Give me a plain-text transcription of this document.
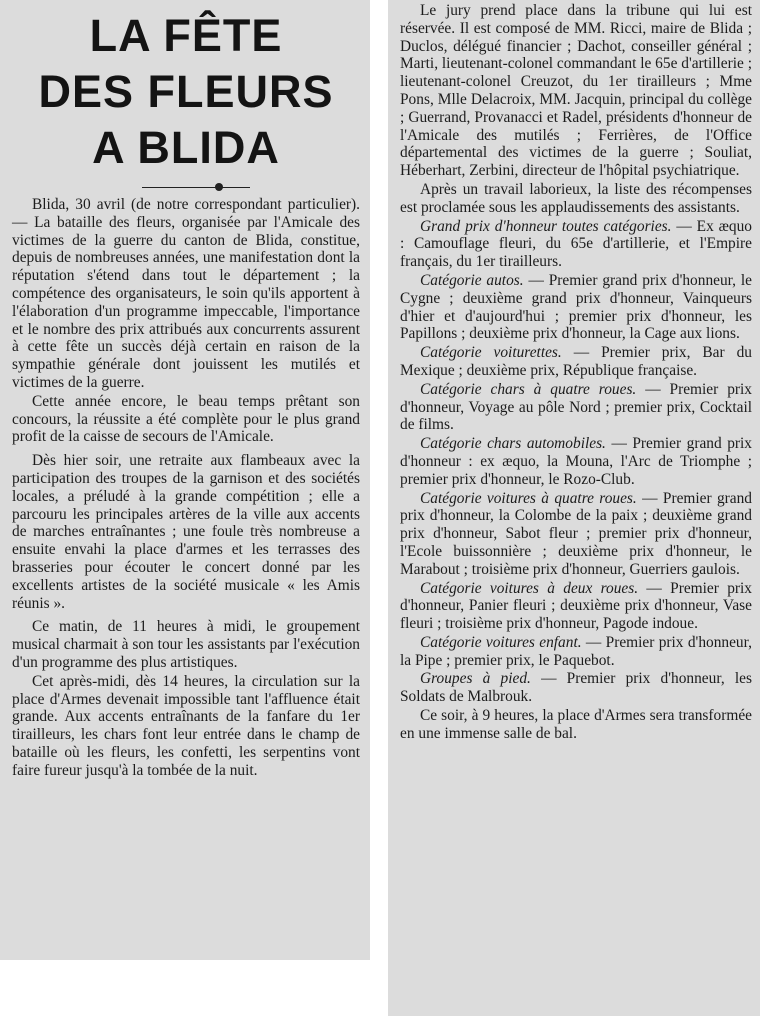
LA FÊTE
DES FLEURS
A BLIDA

Blida, 30 avril (de notre correspondant particulier). — La bataille des fleurs, organisée par l'Amicale des victimes de la guerre du canton de Blida, constitue, depuis de nombreuses années, une manifestation dont la réputation s'étend dans tout le département ; la compétence des organisateurs, le soin qu'ils apportent à l'élaboration d'un programme impeccable, l'importance et le nombre des prix attribués aux concurrents assurent à cette fête un succès déjà certain en raison de la sympathie générale dont jouissent les mutilés et victimes de la guerre.

Cette année encore, le beau temps prêtant son concours, la réussite a été complète pour le plus grand profit de la caisse de secours de l'Amicale.

Dès hier soir, une retraite aux flambeaux avec la participation des troupes de la garnison et des sociétés locales, a préludé à la grande compétition ; elle a parcouru les principales artères de la ville aux accents de marches entraînantes ; une foule très nombreuse a ensuite envahi la place d'armes et les terrasses des brasseries pour écouter le concert donné par les excellents artistes de la société musicale « les Amis réunis ».

Ce matin, de 11 heures à midi, le groupement musical charmait à son tour les assistants par l'exécution d'un programme des plus artistiques.

Cet après-midi, dès 14 heures, la circulation sur la place d'Armes devenait impossible tant l'affluence était grande. Aux accents entraînants de la fanfare du 1er tirailleurs, les chars font leur entrée dans le champ de bataille où les fleurs, les confetti, les serpentins vont faire fureur jusqu'à la tombée de la nuit.

Le jury prend place dans la tribune qui lui est réservée. Il est composé de MM. Ricci, maire de Blida ; Duclos, délégué financier ; Dachot, conseiller général ; Marti, lieutenant-colonel commandant le 65e d'artillerie ; lieutenant-colonel Creuzot, du 1er tirailleurs ; Mme Pons, Mlle Delacroix, MM. Jacquin, principal du collège ; Guerrand, Provanacci et Radel, présidents d'honneur de l'Amicale des mutilés ; Ferrières, de l'Office départemental des victimes de la guerre ; Souliat, Héberhart, Zerbini, directeur de l'hôpital psychiatrique.

Après un travail laborieux, la liste des récompenses est proclamée sous les applaudissements des assistants.

Grand prix d'honneur toutes catégories. — Ex æquo : Camouflage fleuri, du 65e d'artillerie, et l'Empire français, du 1er tirailleurs.

Catégorie autos. — Premier grand prix d'honneur, le Cygne ; deuxième grand prix d'honneur, Vainqueurs d'hier et d'aujourd'hui ; premier prix d'honneur, les Papillons ; deuxième prix d'honneur, la Cage aux lions.

Catégorie voiturettes. — Premier prix, Bar du Mexique ; deuxième prix, République française.

Catégorie chars à quatre roues. — Premier prix d'honneur, Voyage au pôle Nord ; premier prix, Cocktail de films.

Catégorie chars automobiles. — Premier grand prix d'honneur : ex æquo, la Mouna, l'Arc de Triomphe ; premier prix d'honneur, le Rozo-Club.

Catégorie voitures à quatre roues. — Premier grand prix d'honneur, la Colombe de la paix ; deuxième grand prix d'honneur, Sabot fleur ; premier prix d'honneur, l'Ecole buissonnière ; deuxième prix d'honneur, le Marabout ; troisième prix d'honneur, Guerriers gaulois.

Catégorie voitures à deux roues. — Premier prix d'honneur, Panier fleuri ; deuxième prix d'honneur, Vase fleuri ; troisième prix d'honneur, Pagode indoue.

Catégorie voitures enfant. — Premier prix d'honneur, la Pipe ; premier prix, le Paquebot.

Groupes à pied. — Premier prix d'honneur, les Soldats de Malbrouk.

Ce soir, à 9 heures, la place d'Armes sera transformée en une immense salle de bal.
